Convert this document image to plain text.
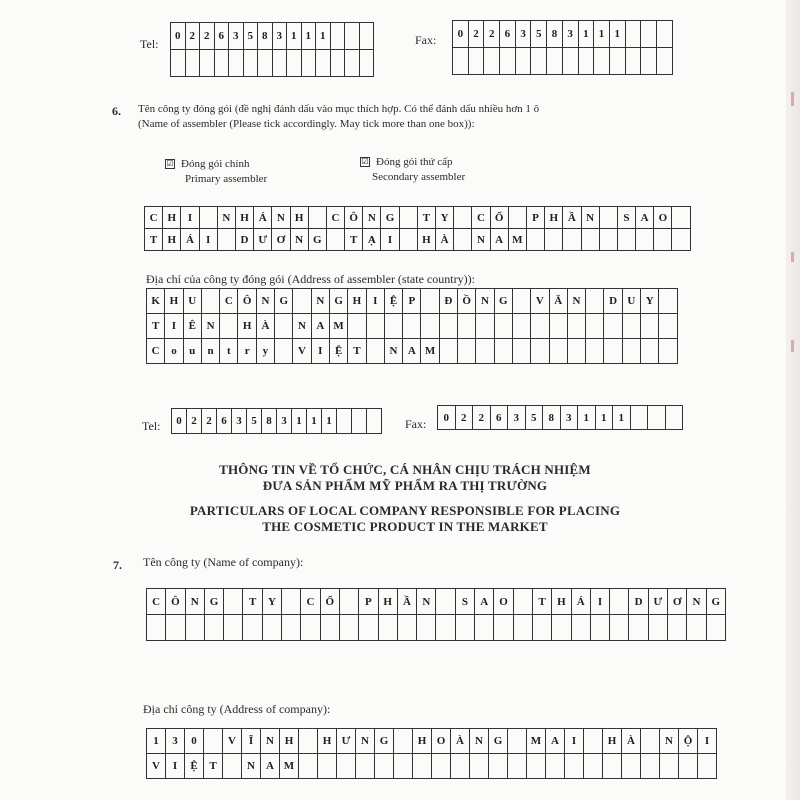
Tel:
0 2 2 6 3 5 8 3 1 1 1	Fax:	0 2 2 6 3 5 8 3 1 1 1
6. Tên công ty đóng gói (đề nghị đánh dấu vào mục thích hợp. Có thể đánh dấu nhiều hơn 1 ô
(Name of assembler (Please tick accordingly. May tick more than one box)):
☑ Đóng gói chính
Primary assembler
☑ Đóng gói thứ cấp
Secondary assembler
C H	I	N H Á N H	C Ô N G	T Y	C Ổ	P H Ầ N	S	A O
T H Á	I	D Ư Ơ N G	T Ạ	I	H À	N A M
Địa chỉ của công ty đóng gói (Address of assembler (state country)):
K H U	C Ô N G	N G H	I	Ệ	P	Đ Ồ N G	V Ă N	D U Y
T	I	Ê N	H À	N A M
C	o	u	n	t	r	y	V	I	Ệ T	N A M
Tel:	0 2 2 6 3 5 8 3 1 1 1	Fax:	0	2	2	6	3	5	8	3	1	1	1
THÔNG TIN VỀ TỔ CHỨC, CÁ NHÂN CHỊU TRÁCH NHIỆM
ĐƯA SẢN PHẨM MỸ PHẨM RA THỊ TRƯỜNG
PARTICULARS OF LOCAL COMPANY RESPONSIBLE FOR PLACING
THE COSMETIC PRODUCT IN THE MARKET
7. Tên công ty (Name of company):
C	Ô	N	G	T	Y	C	Ổ	P	H	Ầ	N	S	A	O	T	H	Á	I	D Ư Ơ	N	G
Địa chỉ công ty (Address of company):
1	3	0	V	Ĩ	N H	H Ư N G	H O À	N G	M A	I	H À	N Ộ	I
V	I	Ệ	T	N	A M
